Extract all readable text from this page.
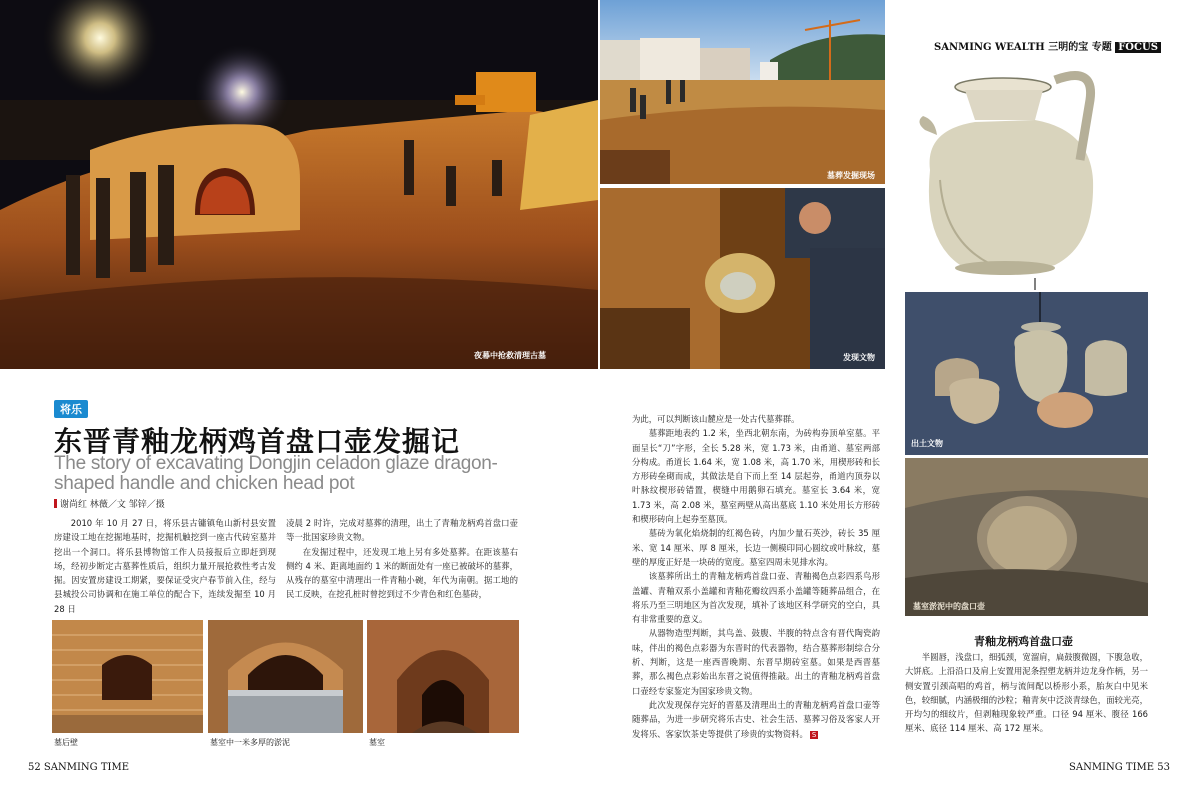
夜幕中抢救清理古墓
墓葬发掘现场
发现文物
SANMING WEALTH 三明的宝 专题 FOCUS
出土文物
墓室淤泥中的盘口壶
将乐
东晋青釉龙柄鸡首盘口壶发掘记
The story of excavating Dongjin celadon glaze dragon-shaped handle and chicken head pot
谢尚红 林薇／文 邹锌／摄

2010 年 10 月 27 日，将乐县古镛镇龟山新村县安置房建设工地在挖掘地基时，挖掘机触挖到一座古代砖室墓并挖出一个洞口。将乐县博物馆工作人员接报后立即赶到现场，经初步断定古墓葬性质后，组织力量开展抢救性考古发掘。因安置房建设工期紧，要保证受灾户春节前入住，经与县城投公司协调和在施工单位的配合下，连续发掘至 10 月 28 日

凌晨 2 时许，完成对墓葬的清理，出土了青釉龙柄鸡首盘口壶等一批国家珍贵文物。

在发掘过程中，还发现工地上另有多处墓葬。在距该墓右侧约 4 米、距离地面约 1 米的断面处有一座已被破坏的墓葬，从残存的墓室中清理出一件青釉小碗，年代为南朝。据工地的民工反映，在挖孔桩时曾挖到过不少青色和红色墓砖，

为此，可以判断该山麓应是一处古代墓葬群。

墓葬距地表约 1.2 米，坐西北朝东南，为砖构券顶单室墓。平面呈长“刀”字形，全长 5.28 米，宽 1.73 米，由甬道、墓室两部分构成。甬道长 1.64 米，宽 1.08 米，高 1.70 米，用楔形砖和长方形砖垒砌而成，其做法是自下而上至 14 层起券，甬道内顶券以叶脉纹楔形砖错置，楔缝中用鹅卵石填充。墓室长 3.64 米，宽 1.73 米，高 2.08 米，墓室两壁从高出墓底 1.10 米处用长方形砖和楔形砖向上起券至墓顶。

墓砖为氧化焰烧制的红褐色砖，内加少量石英沙，砖长 35 厘米、宽 14 厘米、厚 8 厘米，长边一侧模印同心圆纹或叶脉纹，墓壁的厚度正好是一块砖的宽度。墓室四周未见排水沟。

该墓葬所出土的青釉龙柄鸡首盘口壶、青釉褐色点彩四系鸟形盖罐、青釉双系小盖罐和青釉花瓣纹四系小盖罐等随葬品组合，在将乐乃至三明地区为首次发现，填补了该地区科学研究的空白，具有非常重要的意义。

从器物造型判断，其鸟盖、鼓腹、半腹的特点含有晋代陶瓷韵味，伴出的褐色点彩器为东晋时的代表器物，结合墓葬形制综合分析、判断，这是一座西晋晚期、东晋早期砖室墓。如果是西晋墓葬，那么褐色点彩始出东晋之说值得推敲。出土的青釉龙柄鸡首盘口壶经专家鉴定为国家珍贵文物。

此次发现保存完好的晋墓及清理出土的青釉龙柄鸡首盘口壶等随葬品，为进一步研究将乐古史、社会生活、墓葬习俗及客家人开发将乐、客家饮茶史等提供了珍贵的实物资料。 S

墓后壁	墓室中一米多厚的淤泥	墓室
青釉龙柄鸡首盘口壶

半圆唇，浅盘口，细弧颈，宽溜肩，扁鼓腹微圆，下腹急收，大饼底。上沿沿口及肩上安置用泥条捏塑龙柄并边龙身作柄，另一侧安置引颈高唱的鸡首，柄与流间配以桥形小系，胎灰白中见米色，较细腻，内涵极细的沙粒；釉青灰中泛淡青绿色，面较光亮，开均匀的细纹片，但剥釉现象较严重。口径 94 厘米、腹径 166 厘米、底径 114 厘米、高 172 厘米。

52 SANMING TIME	SANMING TIME 53
